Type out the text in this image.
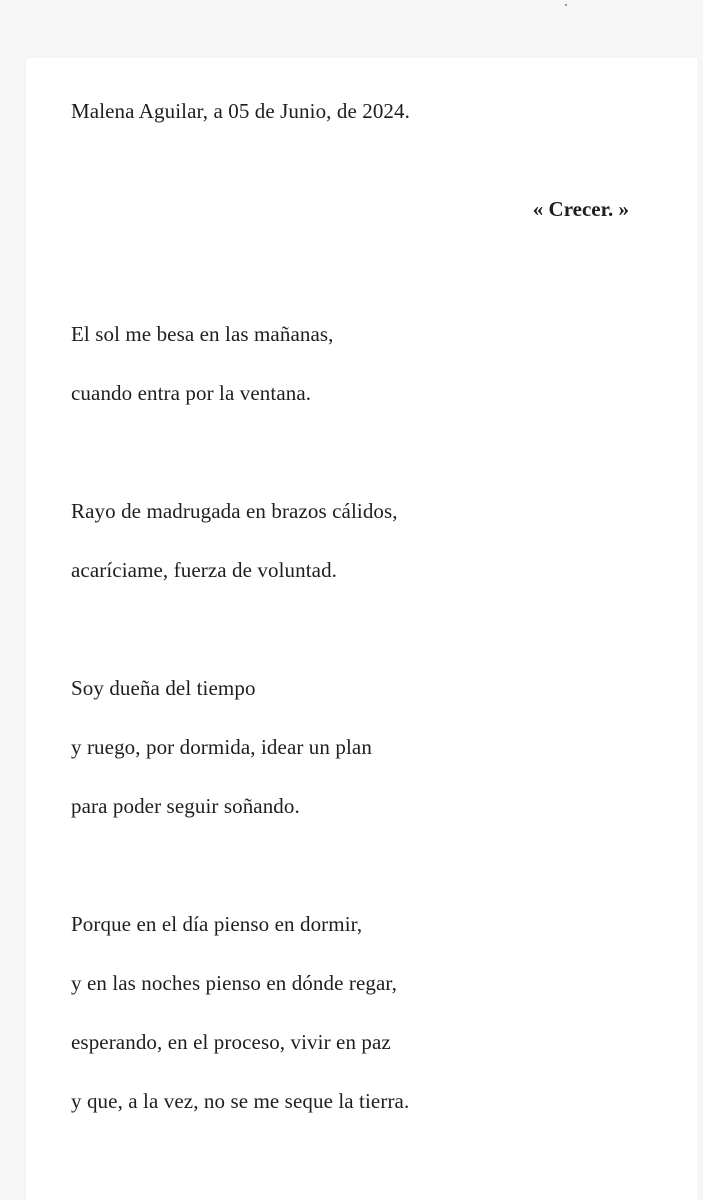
Malena Aguilar, a 05 de Junio, de 2024.
« Crecer. »
El sol me besa en las mañanas,
cuando entra por la ventana.
Rayo de madrugada en brazos cálidos,
acaríciame, fuerza de voluntad.
Soy dueña del tiempo
y ruego, por dormida, idear un plan
para poder seguir soñando.
Porque en el día pienso en dormir,
y en las noches pienso en dónde regar,
esperando, en el proceso, vivir en paz
y que, a la vez, no se me seque la tierra.
